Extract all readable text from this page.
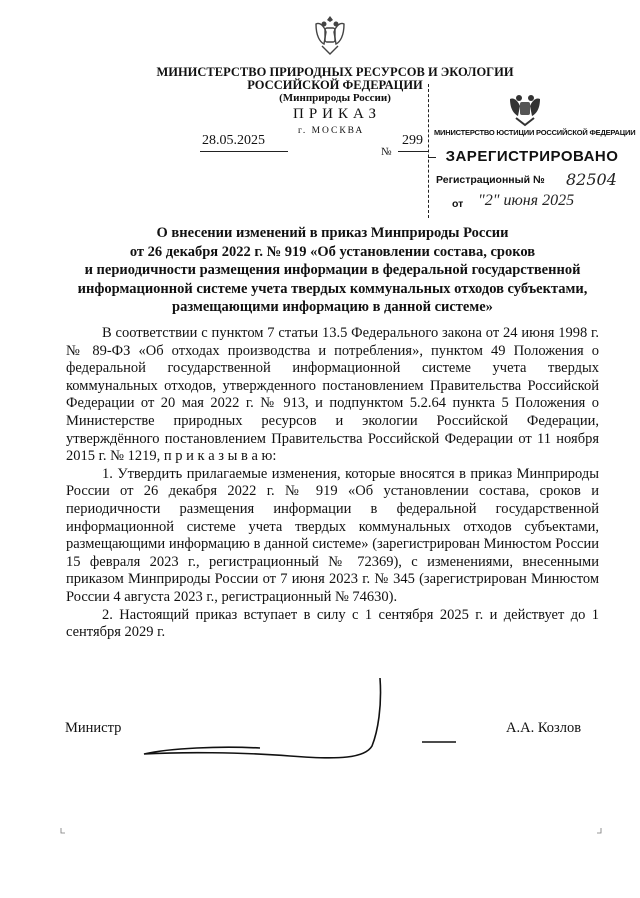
МИНИСТЕРСТВО ПРИРОДНЫХ РЕСУРСОВ И ЭКОЛОГИИ
РОССИЙСКОЙ ФЕДЕРАЦИИ
(Минприроды России)
ПРИКАЗ
28.05.2025
г. МОСКВА
№
299
МИНИСТЕРСТВО ЮСТИЦИИ РОССИЙСКОЙ ФЕДЕРАЦИИ
ЗАРЕГИСТРИРОВАНО
Регистрационный № 82504
от "2" июня 2025
О внесении изменений в приказ Минприроды России
от 26 декабря 2022 г. № 919 «Об установлении состава, сроков
и периодичности размещения информации в федеральной государственной
информационной системе учета твердых коммунальных отходов субъектами,
размещающими информацию в данной системе»

В соответствии с пунктом 7 статьи 13.5 Федерального закона от 24 июня 1998 г. № 89-ФЗ «Об отходах производства и потребления», пунктом 49 Положения о федеральной государственной информационной системе учета твердых коммунальных отходов, утвержденного постановлением Правительства Российской Федерации от 20 мая 2022 г. № 913, и подпунктом 5.2.64 пункта 5 Положения о Министерстве природных ресурсов и экологии Российской Федерации, утверждённого постановлением Правительства Российской Федерации от 11 ноября 2015 г. № 1219, п р и к а з ы в а ю:

1. Утвердить прилагаемые изменения, которые вносятся в приказ Минприроды России от 26 декабря 2022 г. № 919 «Об установлении состава, сроков и периодичности размещения информации в федеральной государственной информационной системе учета твердых коммунальных отходов субъектами, размещающими информацию в данной системе» (зарегистрирован Минюстом России 15 февраля 2023 г., регистрационный № 72369), с изменениями, внесенными приказом Минприроды России от 7 июня 2023 г. № 345 (зарегистрирован Минюстом России 4 августа 2023 г., регистрационный № 74630).

2. Настоящий приказ вступает в силу с 1 сентября 2025 г. и действует до 1 сентября 2029 г.

Министр	А.А. Козлов
